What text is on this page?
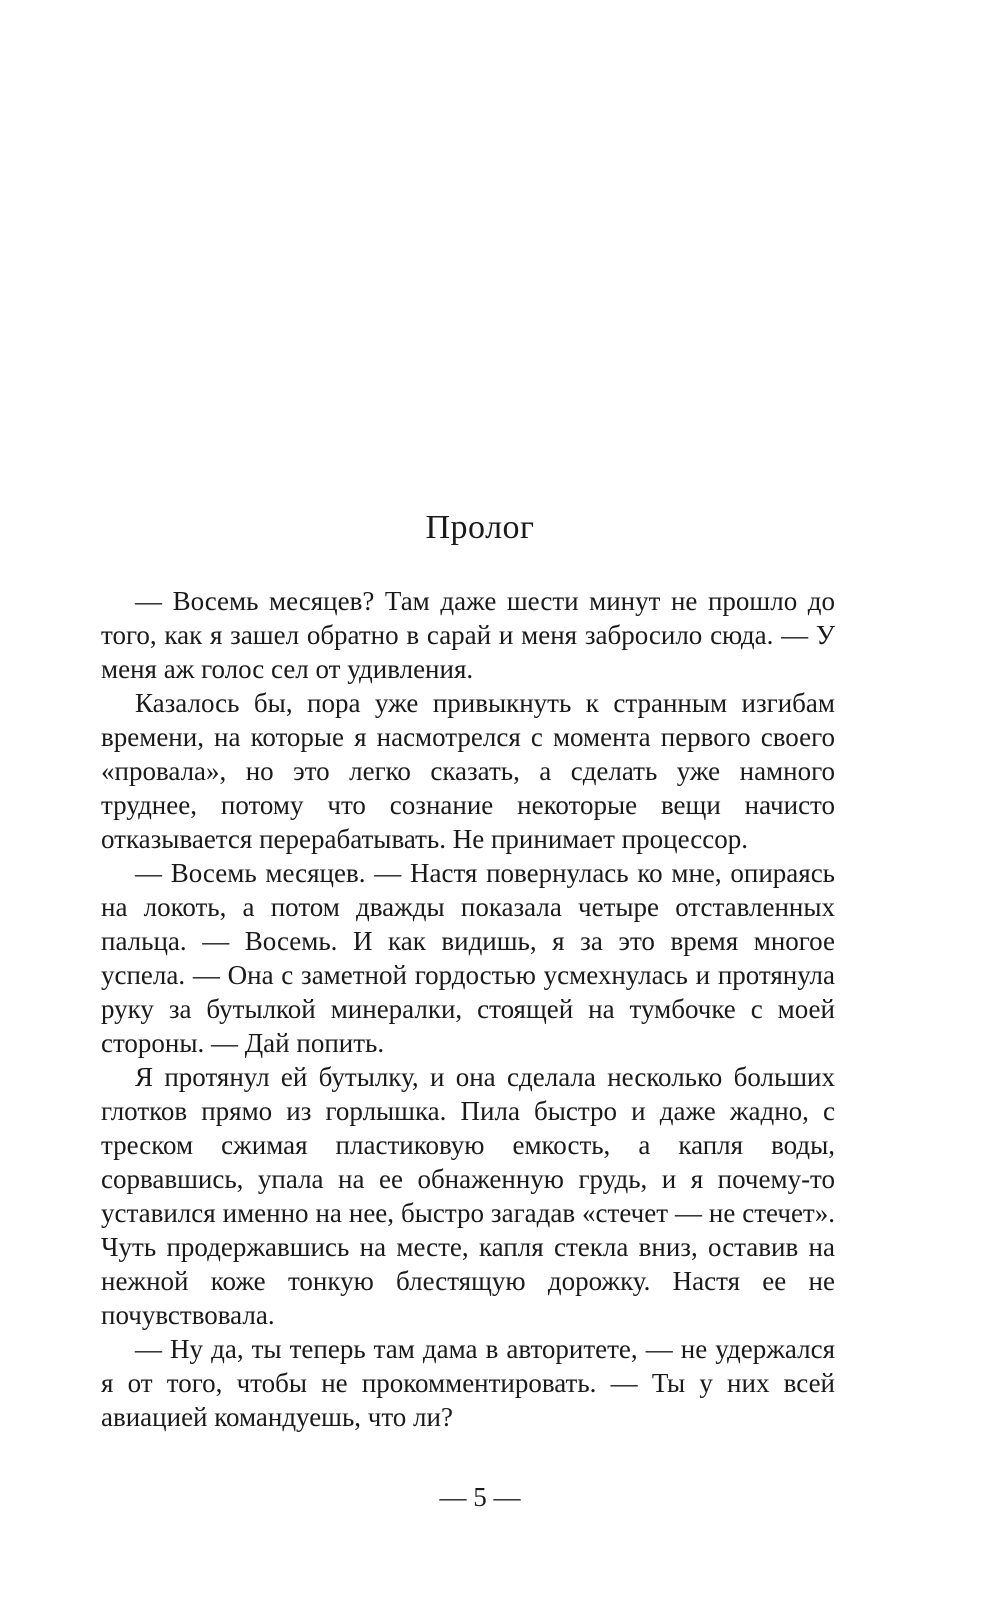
Пролог

— Восемь месяцев? Там даже шести минут не прошло до того, как я зашел обратно в сарай и меня забросило сюда. — У меня аж голос сел от удивления.

Казалось бы, пора уже привыкнуть к странным изгибам времени, на которые я насмотрелся с момента первого своего «провала», но это легко сказать, а сделать уже намного труднее, потому что сознание некоторые вещи начисто отказывается перерабатывать. Не принимает процессор.

— Восемь месяцев. — Настя повернулась ко мне, опираясь на локоть, а потом дважды показала четыре отставленных пальца. — Восемь. И как видишь, я за это время многое успела. — Она с заметной гордостью усмехнулась и протянула руку за бутылкой минералки, стоящей на тумбочке с моей стороны. — Дай попить.

Я протянул ей бутылку, и она сделала несколько больших глотков прямо из горлышка. Пила быстро и даже жадно, с треском сжимая пластиковую емкость, а капля воды, сорвавшись, упала на ее обнаженную грудь, и я почему-то уставился именно на нее, быстро загадав «стечет — не стечет». Чуть продержавшись на месте, капля стекла вниз, оставив на нежной коже тонкую блестящую дорожку. Настя ее не почувствовала.

— Ну да, ты теперь там дама в авторитете, — не удержался я от того, чтобы не прокомментировать. — Ты у них всей авиацией командуешь, что ли?

— 5 —
